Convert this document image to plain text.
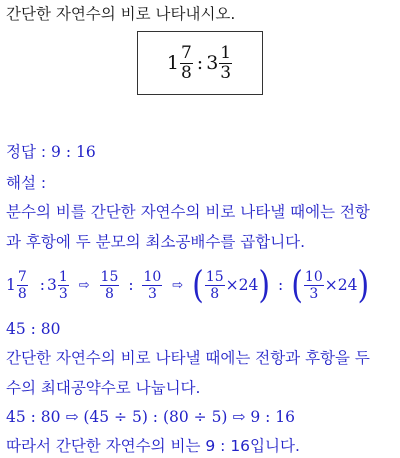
간단한 자연수의 비로 나타내시오.
$1 \frac{7}{8}$ : $3 \frac{1}{3}$
정답 : 9 : 16
해설 :
분수의 비를 간단한 자연수의 비로 나타낼 때에는 전항
과 후항에 두 분모의 최소공배수를 곱합니다.
$1 \frac{7}{8}$ : $3 \frac{1}{3}$ ⇨ $\frac{15}{8}$ : $\frac{10}{3}$ ⇨ ( $\frac{15}{8} \times 24$) : ( $\frac{10}{3} \times 24$)
45 : 80
간단한 자연수의 비로 나타낼 때에는 전항과 후항을 두
수의 최대공약수로 나눕니다.
45 : 80 ⇨ (45 ÷ 5) : (80 ÷ 5) ⇨ 9 : 16
따라서 간단한 자연수의 비는 9 : 16입니다.
